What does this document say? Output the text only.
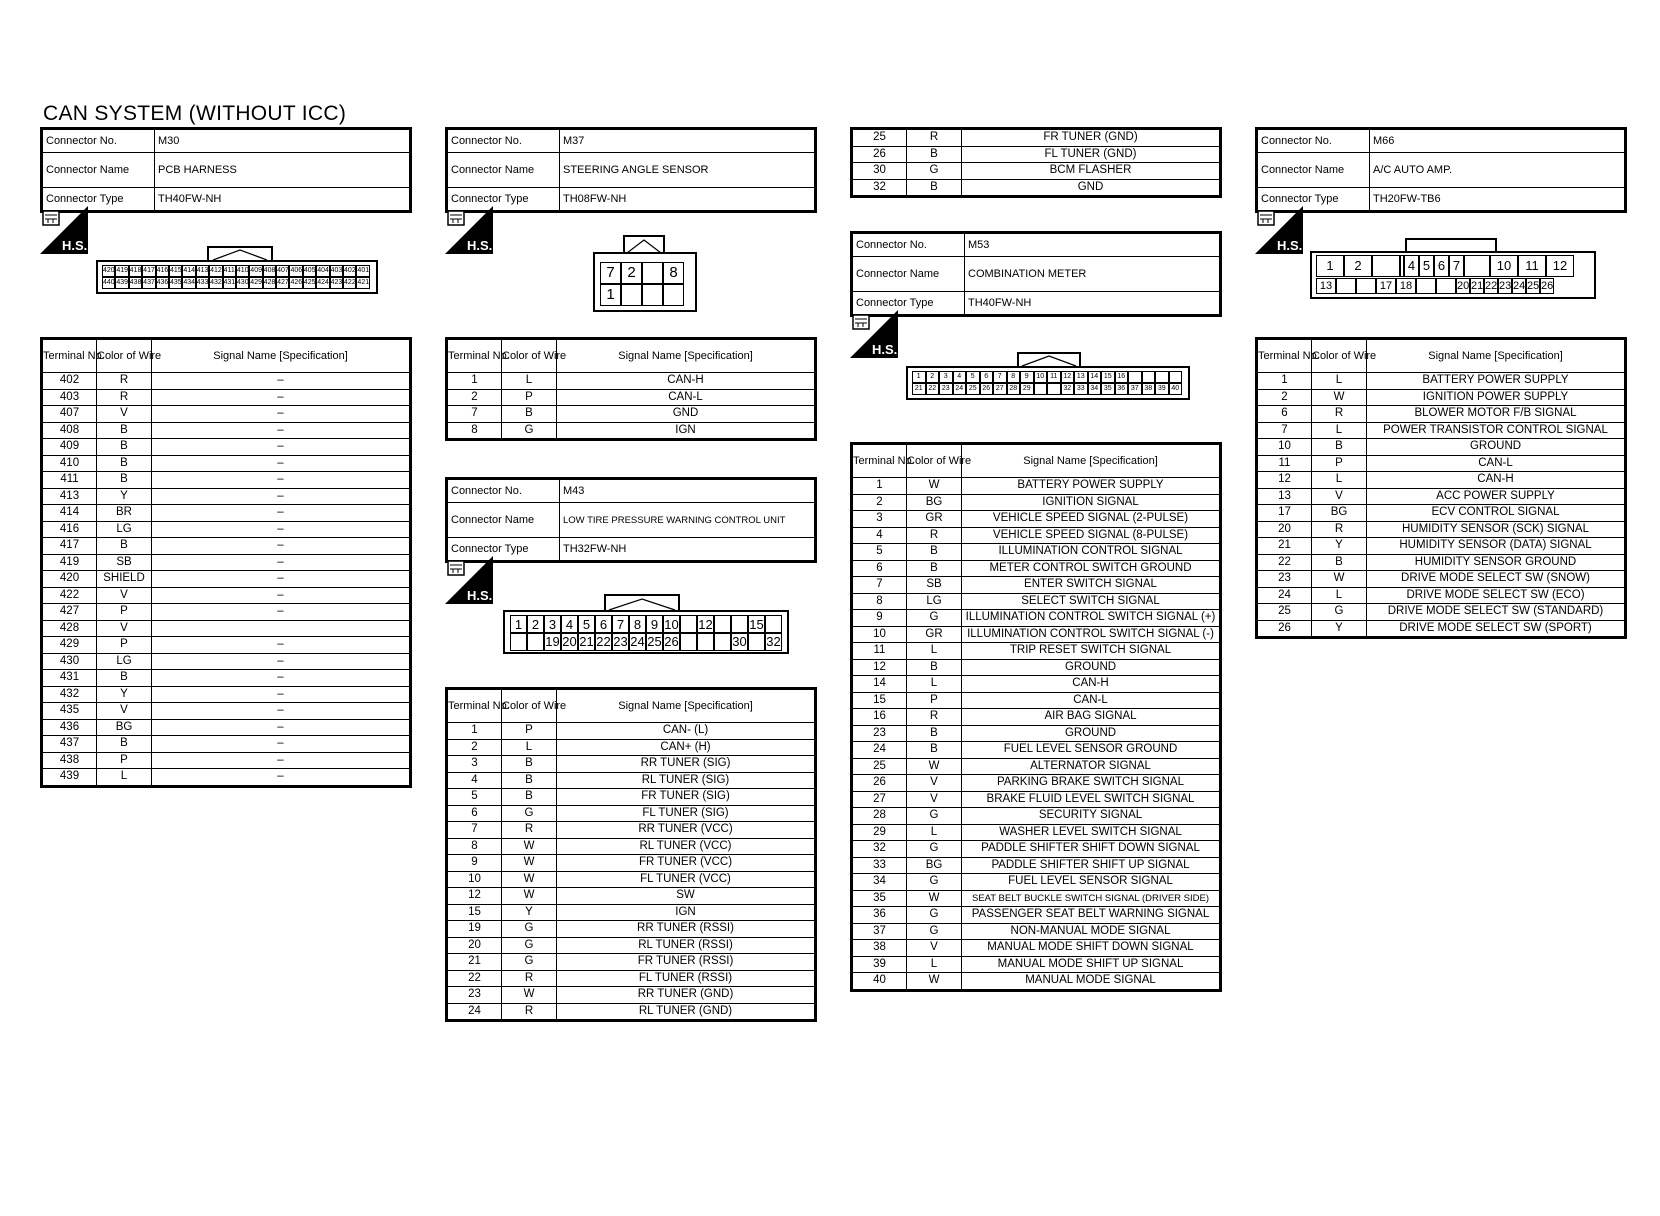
CAN SYSTEM (WITHOUT ICC)
Connector No.	M30
Connector Name	PCB HARNESS
Connector Type	TH40FW-NH
H.S.
420 419 418 417 416 415 414 413 412 411 410 409 408 407 406 405 404 403 402 401
440 439 438 437 436 435 434 433 432 431 430 429 428 427 426 425 424 423 422 421
Terminal No.	Color of Wire	Signal Name [Specification]
402	R	–
403	R	–
407	V	–
408	B	–
409	B	–
410	B	–
411	B	–
413	Y	–
414	BR	–
416	LG	–
417	B	–
419	SB	–
420	SHIELD	–
422	V	–
427	P	–
428	V	
429	P	–
430	LG	–
431	B	–
432	Y	–
435	V	–
436	BG	–
437	B	–
438	P	–
439	L	–
Connector No.	M37
Connector Name	STEERING ANGLE SENSOR
Connector Type	TH08FW-NH
H.S.
7 2	8
1
Terminal No.	Color of Wire	Signal Name [Specification]
1	L	CAN-H
2	P	CAN-L
7	B	GND
8	G	IGN
Connector No.	M43
Connector Name	LOW TIRE PRESSURE WARNING CONTROL UNIT
Connector Type	TH32FW-NH
H.S.
1 2 3 4 5 6 7 8 9 10 12	15
19 20 21 22 23 24 25 26	30 32
Terminal No.	Color of Wire	Signal Name [Specification]
1	P	CAN- (L)
2	L	CAN+ (H)
3	B	RR TUNER (SIG)
4	B	RL TUNER (SIG)
5	B	FR TUNER (SIG)
6	G	FL TUNER (SIG)
7	R	RR TUNER (VCC)
8	W	RL TUNER (VCC)
9	W	FR TUNER (VCC)
10	W	FL TUNER (VCC)
12	W	SW
15	Y	IGN
19	G	RR TUNER (RSSI)
20	G	RL TUNER (RSSI)
21	G	FR TUNER (RSSI)
22	R	FL TUNER (RSSI)
23	W	RR TUNER (GND)
24	R	RL TUNER (GND)
25	R	FR TUNER (GND)
26	B	FL TUNER (GND)
30	G	BCM FLASHER
32	B	GND
Connector No.	M53
Connector Name	COMBINATION METER
Connector Type	TH40FW-NH
H.S.
1	2	3	4	5	6	7	8	9	10 11 12 13 14 15 16
21 22 23 24 25 26 27 28 29	32 33 34 35 36 37 38 39 40
Terminal No.	Color of Wire	Signal Name [Specification]
1	W	BATTERY POWER SUPPLY
2	BG	IGNITION SIGNAL
3	GR	VEHICLE SPEED SIGNAL (2-PULSE)
4	R	VEHICLE SPEED SIGNAL (8-PULSE)
5	B	ILLUMINATION CONTROL SIGNAL
6	B	METER CONTROL SWITCH GROUND
7	SB	ENTER SWITCH SIGNAL
8	LG	SELECT SWITCH SIGNAL
9	G	ILLUMINATION CONTROL SWITCH SIGNAL (+)
10	GR	ILLUMINATION CONTROL SWITCH SIGNAL (-)
11	L	TRIP RESET SWITCH SIGNAL
12	B	GROUND
14	L	CAN-H
15	P	CAN-L
16	R	AIR BAG SIGNAL
23	B	GROUND
24	B	FUEL LEVEL SENSOR GROUND
25	W	ALTERNATOR SIGNAL
26	V	PARKING BRAKE SWITCH SIGNAL
27	V	BRAKE FLUID LEVEL SWITCH SIGNAL
28	G	SECURITY SIGNAL
29	L	WASHER LEVEL SWITCH SIGNAL
32	G	PADDLE SHIFTER SHIFT DOWN SIGNAL
33	BG	PADDLE SHIFTER SHIFT UP SIGNAL
34	G	FUEL LEVEL SENSOR SIGNAL
35	W	SEAT BELT BUCKLE SWITCH SIGNAL (DRIVER SIDE)
36	G	PASSENGER SEAT BELT WARNING SIGNAL
37	G	NON-MANUAL MODE SIGNAL
38	V	MANUAL MODE SHIFT DOWN SIGNAL
39	L	MANUAL MODE SHIFT UP SIGNAL
40	W	MANUAL MODE SIGNAL
Connector No.	M66
Connector Name	A/C AUTO AMP.
Connector Type	TH20FW-TB6
H.S.
1	2	4 5 6 7	10	11	12
13	17 18	20 21 22 23 24 25 26
Terminal No.	Color of Wire	Signal Name [Specification]
1	L	BATTERY POWER SUPPLY
2	W	IGNITION POWER SUPPLY
6	R	BLOWER MOTOR F/B SIGNAL
7	L	POWER TRANSISTOR CONTROL SIGNAL
10	B	GROUND
11	P	CAN-L
12	L	CAN-H
13	V	ACC POWER SUPPLY
17	BG	ECV CONTROL SIGNAL
20	R	HUMIDITY SENSOR (SCK) SIGNAL
21	Y	HUMIDITY SENSOR (DATA) SIGNAL
22	B	HUMIDITY SENSOR GROUND
23	W	DRIVE MODE SELECT SW (SNOW)
24	L	DRIVE MODE SELECT SW (ECO)
25	G	DRIVE MODE SELECT SW (STANDARD)
26	Y	DRIVE MODE SELECT SW (SPORT)
